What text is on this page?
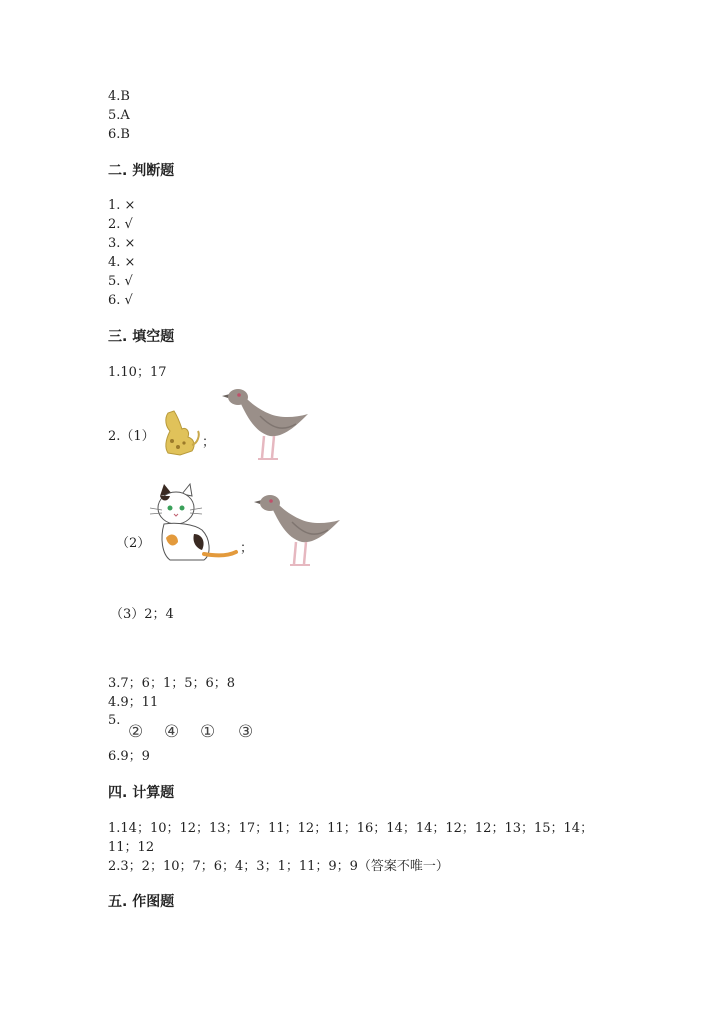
4.B
5.A
6.B
二. 判断题
1. ×
2. √
3. ×
4. ×
5. √
6. √
三. 填空题
1.10；17
2.（1）	；
（2）	；
（3）2；4
3.7；6；1；5；6；8
4.9；11
5.
② ④ ① ③
6.9；9
四. 计算题
1.14；10；12；13；17；11；12；11；16；14；14；12；12；13；15；14；
11；12
2.3；2；10；7；6；4；3；1；11；9；9（答案不唯一）
五. 作图题
